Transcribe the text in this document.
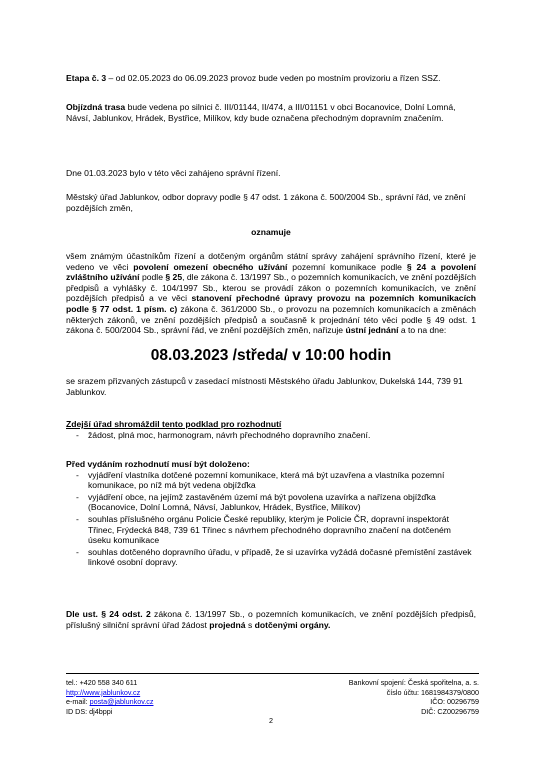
Etapa č. 3 – od 02.05.2023 do 06.09.2023 provoz bude veden po mostním provizoriu a řízen SSZ.
Objízdná trasa bude vedena po silnici č. III/01144, II/474, a III/01151 v obci Bocanovice, Dolní Lomná, Návsí, Jablunkov, Hrádek, Bystřice, Milíkov, kdy bude označena přechodným dopravním značením.
Dne 01.03.2023 bylo v této věci zahájeno správní řízení.
Městský úřad Jablunkov, odbor dopravy podle § 47 odst. 1 zákona č. 500/2004 Sb., správní řád, ve znění pozdějších změn,
oznamuje
všem známým účastníkům řízení a dotčeným orgánům státní správy zahájení správního řízení, které je vedeno ve věci povolení omezení obecného užívání pozemní komunikace podle § 24 a povolení zvláštního užívání podle § 25, dle zákona č. 13/1997 Sb., o pozemních komunikacích, ve znění pozdějších předpisů a vyhlášky č. 104/1997 Sb., kterou se provádí zákon o pozemních komunikacích, ve znění pozdějších předpisů a ve věci stanovení přechodné úpravy provozu na pozemních komunikacích podle § 77 odst. 1 písm. c) zákona č. 361/2000 Sb., o provozu na pozemních komunikacích a změnách některých zákonů, ve znění pozdějších předpisů a současně k projednání této věci podle § 49 odst. 1 zákona č. 500/2004 Sb., správní řád, ve znění pozdějších změn, nařizuje ústní jednání a to na dne:
08.03.2023 /středa/ v 10:00 hodin
se srazem přizvaných zástupců v zasedací místnosti Městského úřadu Jablunkov, Dukelská 144, 739 91 Jablunkov.
Zdejší úřad shromáždil tento podklad pro rozhodnutí
- žádost, plná moc, harmonogram, návrh přechodného dopravního značení.
Před vydáním rozhodnutí musí být doloženo:
- vyjádření vlastníka dotčené pozemní komunikace, která má být uzavřena a vlastníka pozemní komunikace, po níž má být vedena objížďka
- vyjádření obce, na jejímž zastavěném území má být povolena uzavírka a nařízena objížďka (Bocanovice, Dolní Lomná, Návsí, Jablunkov, Hrádek, Bystřice, Milíkov)
- souhlas příslušného orgánu Policie České republiky, kterým je Policie ČR, dopravní inspektorát Třinec, Frýdecká 848, 739 61 Třinec s návrhem přechodného dopravního značení na dotčeném úseku komunikace
- souhlas dotčeného dopravního úřadu, v případě, že si uzavírka vyžádá dočasné přemístění zastávek linkové osobní dopravy.
Dle ust. § 24 odst. 2 zákona č. 13/1997 Sb., o pozemních komunikacích, ve znění pozdějších předpisů, příslušný silniční správní úřad žádost projedná s dotčenými orgány.
tel.: +420 558 340 611
http://www.jablunkov.cz
e-mail: posta@jablunkov.cz
ID DS: dj4bppi
2
Bankovní spojení: Česká spořitelna, a. s.
číslo účtu: 1681984379/0800
IČO: 00296759
DIČ: CZ00296759
